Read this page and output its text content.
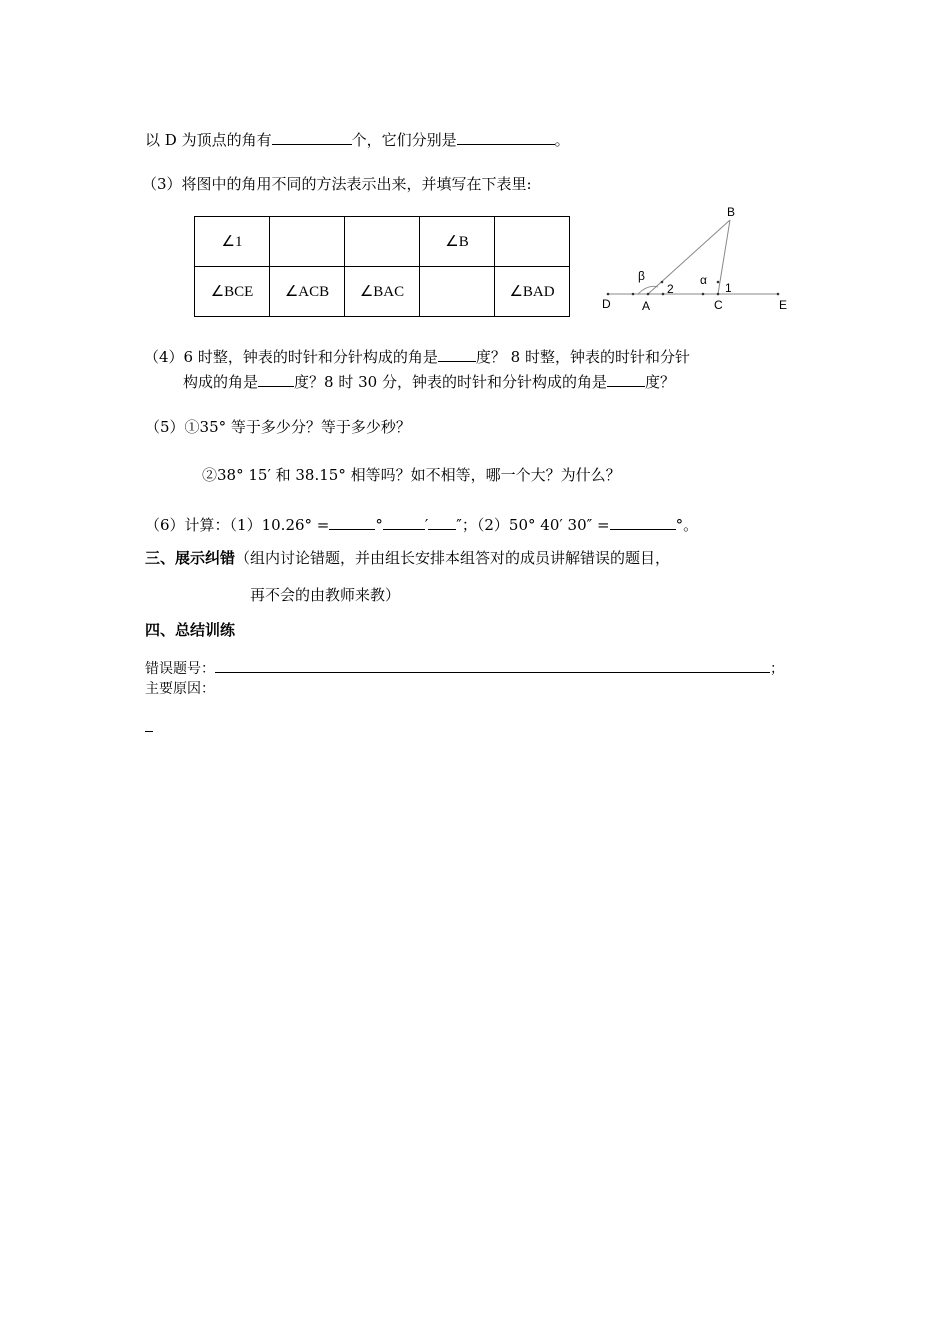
以 D 为顶点的角有	个，它们分别是	。
（3）将图中的角用不同的方法表示出来，并填写在下表里:
∠1			∠B	
∠BCE	∠ACB	∠BAC		∠BAD
B
D	A	C	E
β	α
1
2
（4）6 时整，钟表的时针和分针构成的角是	度？ 8 时整，钟表的时针和分针
构成的角是 度？8 时 30 分，钟表的时针和分针构成的角是	度？
（5）①35° 等于多少分？等于多少秒？
②38° 15′ 和 38.15° 相等吗？如不相等，哪一个大？为什么？
（6）计算：（1）10.26° =	°	′ ″；（2）50° 40′ 30″ =	°。
三、展示纠错（组内讨论错题，并由组长安排本组答对的成员讲解错误的题目，
再不会的由教师来教）
四、总结训练
错误题号：	；
主要原因：
